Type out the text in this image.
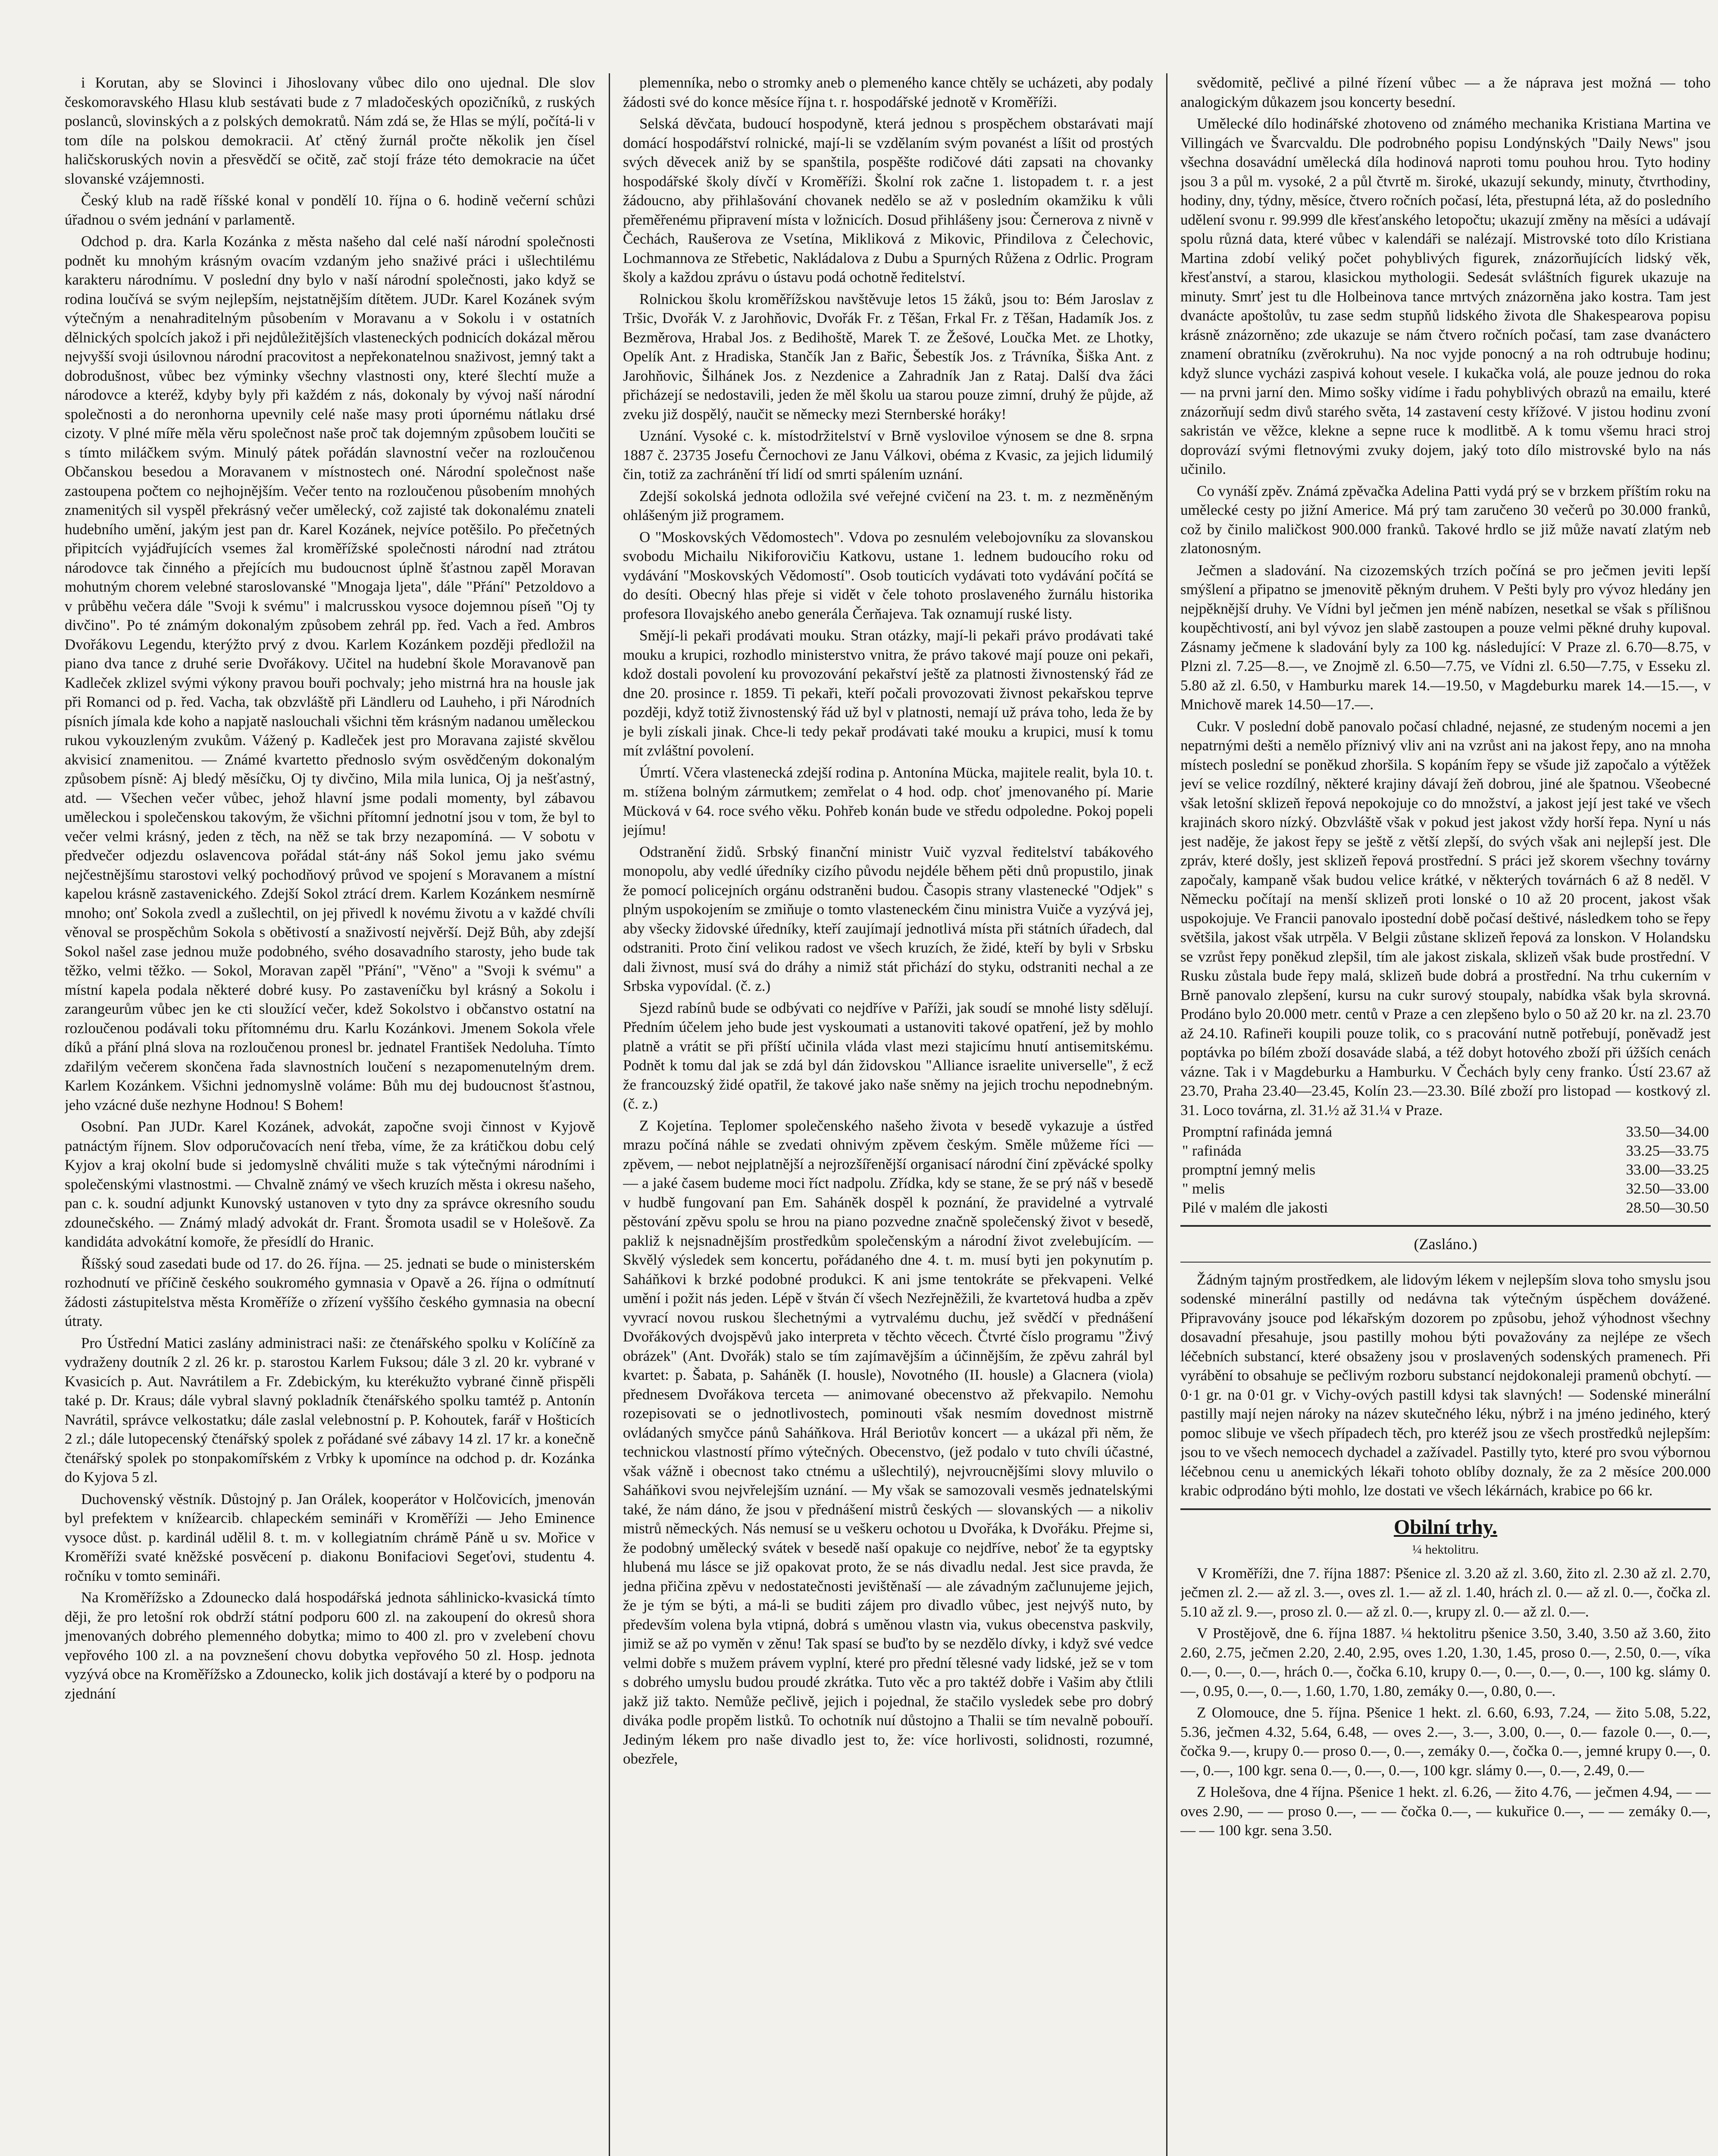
i Korutan, aby se Slovinci i Jihoslovany vůbec dilo ono ujednal. Dle slov českomoravského Hlasu klub sestávati bude z 7 mladočeských opozičníků, z ruských poslanců, slovinských a z polských demokratů. Nám zdá se, že Hlas se mýlí, počítá-li v tom díle na polskou demokracii. Ať ctěný žurnál pročte několik jen čísel haličskoruských novin a přesvědčí se očitě, zač stojí fráze této demokracie na účet slovanské vzájemnosti.

Český klub na radě říšské konal v pondělí 10. října o 6. hodině večerní schůzi úřadnou o svém jednání v parlamentě.

Odchod p. dra. Karla Kozánka z města našeho dal celé naší národní společnosti podnět ku mnohým krásným ovacím vzdaným jeho snaživé práci i ušlechtilému karakteru národnímu. V poslední dny bylo v naší národní společnosti, jako když se rodina loučívá se svým nejlepším, nejstatnějším dítětem. JUDr. Karel Kozánek svým výtečným a nenahraditelným působením v Moravanu a v Sokolu i v ostatních dělnických spolcích jakož i při nejdůležitějších vlasteneckých podnicích dokázal měrou nejvyšší svoji úsilovnou národní pracovitost a nepřekonatelnou snaživost, jemný takt a dobrodušnost, vůbec bez výminky všechny vlastnosti ony, které šlechtí muže a národovce a kteréž, kdyby byly při každém z nás, dokonaly by vývoj naší národní společnosti a do neronhorna upevnily celé naše masy proti úpornému nátlaku drsé cizoty. V plné míře měla věru společnost naše proč tak dojemným způsobem loučiti se s tímto miláčkem svým. Minulý pátek pořádán slavnostní večer na rozloučenou Občanskou besedou a Moravanem v místnostech oné. Národní společnost naše zastoupena počtem co nejhojnějším. Večer tento na rozloučenou působením mnohých znamenitých sil vyspěl překrásný večer umělecký, což zajisté tak dokonalému znateli hudebního umění, jakým jest pan dr. Karel Kozánek, nejvíce potěšilo. Po přečetných připitcích vyjádřujících vsemes žal kroměřížské společnosti národní nad ztrátou národovce tak činného a přejících mu budoucnost úplně šťastnou zapěl Moravan mohutným chorem velebné staroslovanské "Mnogaja ljeta", dále "Přání" Petzoldovo a v průběhu večera dále "Svoji k svému" i malcrusskou vysoce dojemnou píseň "Oj ty divčino". Po té známým dokonalým způsobem zehrál pp. řed. Vach a řed. Ambros Dvořákovu Legendu, kterýžto prvý z dvou. Karlem Kozánkem později předložil na piano dva tance z druhé serie Dvořákovy. Učitel na hudební škole Moravanově pan Kadleček zklizel svými výkony pravou bouři pochvaly; jeho mistrná hra na housle jak při Romanci od p. řed. Vacha, tak obzvláště při Ländleru od Lauheho, i při Národních písních jímala kde koho a napjatě naslouchali všichni těm krásným nadanou uměleckou rukou vykouzleným zvukům. Vážený p. Kadleček jest pro Moravana zajisté skvělou akvisicí znamenitou. — Známé kvartetto přednoslo svým osvědčeným dokonalým způsobem písně: Aj bledý měsíčku, Oj ty divčino, Mila mila lunica, Oj ja nešťastný, atd. — Všechen večer vůbec, jehož hlavní jsme podali momenty, byl zábavou uměleckou i společenskou takovým, že všichni přítomní jednotní jsou v tom, že byl to večer velmi krásný, jeden z těch, na něž se tak brzy nezapomíná. — V sobotu v předvečer odjezdu oslavencova pořádal stát-ány náš Sokol jemu jako svému nejčestnějšímu starostovi velký pochodňový průvod ve spojení s Moravanem a místní kapelou krásně zastavenického. Zdejší Sokol ztrácí drem. Karlem Kozánkem nesmírně mnoho; onť Sokola zvedl a zušlechtil, on jej přivedl k novému životu a v každé chvíli věnoval se prospěchům Sokola s obětivostí a snaživostí nejvěrší. Dejž Bůh, aby zdejší Sokol našel zase jednou muže podobného, svého dosavadního starosty, jeho bude tak těžko, velmi těžko. — Sokol, Moravan zapěl "Přání", "Věno" a "Svoji k svému" a místní kapela podala některé dobré kusy. Po zastaveníčku byl krásný a Sokolu i zarangeurům vůbec jen ke cti sloužící večer, kdež Sokolstvo i občanstvo ostatní na rozloučenou podávali toku přítomnému dru. Karlu Kozánkovi. Jmenem Sokola vřele díků a přání plná slova na rozloučenou pronesl br. jednatel František Nedoluha. Tímto zdařilým večerem skončena řada slavnostních loučení s nezapomenutelným drem. Karlem Kozánkem. Všichni jednomyslně voláme: Bůh mu dej budoucnost šťastnou, jeho vzácné duše nezhyne Hodnou! S Bohem!

Osobní. Pan JUDr. Karel Kozánek, advokát, započne svoji činnost v Kyjově patnáctým říjnem. Slov odporučovacích není třeba, víme, že za krátičkou dobu celý Kyjov a kraj okolní bude si jedomyslně chváliti muže s tak výtečnými národními i společenskými vlastnostmi. — Chvalně známý ve všech kruzích města i okresu našeho, pan c. k. soudní adjunkt Kunovský ustanoven v tyto dny za správce okresního soudu zdounečského. — Známý mladý advokát dr. Frant. Šromota usadil se v Holešově. Za kandidáta advokátní komoře, že přesídlí do Hranic.

Říšský soud zasedati bude od 17. do 26. října. — 25. jednati se bude o ministerském rozhodnutí ve příčině českého soukromého gymnasia v Opavě a 26. října o odmítnutí žádosti zástupitelstva města Kroměříže o zřízení vyššího českého gymnasia na obecní útraty.

Pro Ústřední Matici zaslány administraci naši: ze čtenářského spolku v Kolíčíně za vydraženy doutník 2 zl. 26 kr. p. starostou Karlem Fuksou; dále 3 zl. 20 kr. vybrané v Kvasicích p. Aut. Navrátilem a Fr. Zdebickým, ku kterékužto vybrané činně přispěli také p. Dr. Kraus; dále vybral slavný pokladník čtenářského spolku tamtéž p. Antonín Navrátil, správce velkostatku; dále zaslal velebnostní p. P. Kohoutek, farář v Hošticích 2 zl.; dále lutopecenský čtenářský spolek z pořádané své zábavy 14 zl. 17 kr. a konečně čtenářský spolek po stonpakomířském z Vrbky k upomínce na odchod p. dr. Kozánka do Kyjova 5 zl.

Duchovenský věstník. Důstojný p. Jan Orálek, kooperátor v Holčovicích, jmenován byl prefektem v knížearcib. chlapeckém semináři v Kroměříži — Jeho Eminence vysoce důst. p. kardinál udělil 8. t. m. v kollegiatním chrámě Páně u sv. Mořice v Kroměříži svaté kněžské posvěcení p. diakonu Bonifaciovi Segeťovi, studentu 4. ročníku v tomto semináři.

Na Kroměřížsko a Zdounecko dalá hospodářská jednota sáhlinicko-kvasická tímto ději, že pro letošní rok obdrží státní podporu 600 zl. na zakoupení do okresů shora jmenovaných dobrého plemenného dobytka; mimo to 400 zl. pro v zvelebení chovu vepřového 100 zl. a na povznešení chovu dobytka vepřového 50 zl. Hosp. jednota vyzývá obce na Kroměřížsko a Zdounecko, kolik jich dostávají a které by o podporu na zjednání

plemenníka, nebo o stromky aneb o plemeného kance chtěly se ucházeti, aby podaly žádosti své do konce měsíce října t. r. hospodářské jednotě v Kroměříži.

Selská děvčata, budoucí hospodyně, která jednou s prospěchem obstarávati mají domácí hospodářství rolnické, mají-li se vzdělaním svým povanést a líšit od prostých svých děvecek aniž by se spanštila, pospěšte rodičové dáti zapsati na chovanky hospodářské školy dívčí v Kroměříži. Školní rok začne 1. listopadem t. r. a jest žádoucno, aby přihlašování chovanek nedělo se až v posledním okamžiku k vůli přeměřenému připravení místa v ložnicích. Dosud přihlášeny jsou: Černerova z nivně v Čechách, Raušerova ze Vsetína, Mikliková z Mikovic, Přindilova z Čelechovic, Lochmannova ze Střebetic, Nakládalova z Dubu a Spurných Růžena z Odrlic. Program školy a každou zprávu o ústavu podá ochotně ředitelství.

Rolnickou školu kroměřížskou navštěvuje letos 15 žáků, jsou to: Bém Jaroslav z Tršic, Dvořák V. z Jarohňovic, Dvořák Fr. z Těšan, Frkal Fr. z Těšan, Hadamík Jos. z Bezměrova, Hrabal Jos. z Bedihoště, Marek T. ze Žešové, Loučka Met. ze Lhotky, Opelík Ant. z Hradiska, Stančík Jan z Bařic, Šebestík Jos. z Trávníka, Šiška Ant. z Jarohňovic, Šilhánek Jos. z Nezdenice a Zahradník Jan z Rataj. Další dva žáci přicházejí se nedostavili, jeden že měl školu ua starou pouze zimní, druhý že půjde, až zveku již dospělý, naučit se německy mezi Sternberské horáky!

Uznání. Vysoké c. k. místodržitelství v Brně vysloviloe výnosem se dne 8. srpna 1887 č. 23735 Josefu Černochovi ze Janu Válkovi, obéma z Kvasic, za jejich lidumilý čin, totiž za zachránění tří lidí od smrti spálením uznání.

Zdejší sokolská jednota odložila své veřejné cvičení na 23. t. m. z nezměněným ohlášeným již programem.

O "Moskovských Vědomostech". Vdova po zesnulém velebojovníku za slovanskou svobodu Michailu Nikiforovičiu Katkovu, ustane 1. lednem budoucího roku od vydávání "Moskovských Vědomostí". Osob touticích vydávati toto vydávání počítá se do desíti. Obecný hlas přeje si vidět v čele tohoto proslaveného žurnálu historika profesora Ilovajského anebo generála Čerňajeva. Tak oznamují ruské listy.

Smějí-li pekaři prodávati mouku. Stran otázky, mají-li pekaři právo prodávati také mouku a krupici, rozhodlo ministerstvo vnitra, že právo takové mají pouze oni pekaři, kdož dostali povolení ku provozování pekařství ještě za platnosti živnostenský řád ze dne 20. prosince r. 1859. Ti pekaři, kteří počali provozovati živnost pekařskou teprve později, když totiž živnostenský řád už byl v platnosti, nemají už práva toho, leda že by je byli získali jinak. Chce-li tedy pekař prodávati také mouku a krupici, musí k tomu mít zvláštní povolení.

Úmrtí. Včera vlastenecká zdejší rodina p. Antonína Mücka, majitele realit, byla 10. t. m. stížena bolným zármutkem; zemřelat o 4 hod. odp. choť jmenovaného pí. Marie Mücková v 64. roce svého věku. Pohřeb konán bude ve středu odpoledne. Pokoj popeli jejímu!

Odstranění židů. Srbský finanční ministr Vuič vyzval ředitelství tabákového monopolu, aby vedlé úředníky cizího původu nejdéle během pěti dnů propustilo, jinak že pomocí policejních orgánu odstraněni budou. Časopis strany vlastenecké "Odjek" s plným uspokojením se zmiňuje o tomto vlasteneckém činu ministra Vuiče a vyzývá jej, aby všecky židovské úředníky, kteří zaujímají jednotlivá místa při státních úřadech, dal odstraniti. Proto činí velikou radost ve všech kruzích, že židé, kteří by byli v Srbsku dali živnost, musí svá do dráhy a nimiž stát přichází do styku, odstraniti nechal a ze Srbska vypovídal. (č. z.)

Sjezd rabínů bude se odbývati co nejdříve v Paříži, jak soudí se mnohé listy sdělují. Předním účelem jeho bude jest vyskoumati a ustanoviti takové opatření, jež by mohlo platně a vrátit se při příští učinila vláda vlast mezi stajicímu hnutí antisemitskému. Podnět k tomu dal jak se zdá byl dán židovskou "Alliance israelite universelle", ž ecž že francouzský židé opatřil, že takové jako naše sněmy na jejich trochu nepodnebným. (č. z.)

Z Kojetína. Teplomer společenského našeho života v besedě vykazuje a ústřed mrazu počíná náhle se zvedati ohnivým zpěvem českým. Směle můžeme říci — zpěvem, — nebot nejplatnější a nejrozšířenější organisací národní činí zpěvácké spolky — a jaké časem budeme moci říct nadpolu. Zřídka, kdy se stane, že se prý náš v besedě v hudbě fungovaní pan Em. Saháněk dospěl k poznání, že pravidelné a vytrvalé pěstování zpěvu spolu se hrou na piano pozvedne značně společenský život v besedě, pakliž k nejsnadnějším prostředkům společenským a národní život zvelebujícím. — Skvělý výsledek sem koncertu, pořádaného dne 4. t. m. musí byti jen pokynutím p. Saháňkovi k brzké podobné produkci. K ani jsme tentokráte se překvapeni. Velké umění i požit nás jeden. Lépě v štván čí všech Nezřejněžili, že kvartetová hudba a zpěv vyvrací novou ruskou šlechetnými a vytrvalému duchu, jež svědčí v přednášení Dvořákových dvojspěvů jako interpreta v těchto věcech. Čtvrté číslo programu "Živý obrázek" (Ant. Dvořák) stalo se tím zajímavějším a účinnějším, že zpěvu zahrál byl kvartet: p. Šabata, p. Saháněk (I. housle), Novotného (II. housle) a Glacnera (viola) přednesem Dvořákova terceta — animované obecenstvo až překvapilo. Nemohu rozepisovati se o jednotlivostech, pominouti však nesmím dovednost mistrně ovládaných smyčce pánů Saháňkova. Hrál Beriotův koncert — a ukázal při něm, že technickou vlastností přímo výtečných. Obecenstvo, (jež podalo v tuto chvíli účastné, však vážně i obecnost tako ctnému a ušlechtilý), nejvroucnějšími slovy mluvilo o Saháňkovi svou nejvřelejším uznání. — My však se samozovali vesměs jednatelskými také, že nám dáno, že jsou v přednášení mistrů českých — slovanských — a nikoliv mistrů německých. Nás nemusí se u veškeru ochotou u Dvořáka, k Dvořáku. Přejme si, že podobný umělecký svátek v besedě naší opakuje co nejdříve, neboť že ta egyptsky hlubená mu lásce se již opakovat proto, že se nás divadlu nedal. Jest sice pravda, že jedna přičina zpěvu v nedostatečnosti jevištěnaší — ale závadným začlunujeme jejich, že je tým se býti, a má-li se buditi zájem pro divadlo vůbec, jest nejvýš nuto, by především volena byla vtipná, dobrá s uměnou vlastn via, vukus obecenstva paskvily, jimiž se až po vyměn v zěnu! Tak spasí se buďto by se nezdělo dívky, i když své vedce velmi dobře s mužem právem vyplní, které pro přední tělesné vady lidské, jež se v tom s dobrého umyslu budou proudé zkrátka. Tuto věc a pro taktéž dobře i Vašim aby čtlili jakž již takto. Nemůže pečlivě, jejich i pojednal, že stačilo vysledek sebe pro dobrý diváka podle propěm listků. To ochotník nuí důstojno a Thalii se tím nevalně pobouří. Jediným lékem pro naše divadlo jest to, že: více horlivosti, solidnosti, rozumné, obezřele,

svědomitě, pečlivé a pilné řízení vůbec — a že náprava jest možná — toho analogickým důkazem jsou koncerty besední.

Umělecké dílo hodinářské zhotoveno od známého mechanika Kristiana Martina ve Villingách ve Švarcvaldu. Dle podrobného popisu Londýnských "Daily News" jsou všechna dosavádní umělecká díla hodinová naproti tomu pouhou hrou. Tyto hodiny jsou 3 a půl m. vysoké, 2 a půl čtvrtě m. široké, ukazují sekundy, minuty, čtvrthodiny, hodiny, dny, týdny, měsíce, čtvero ročních počasí, léta, přestupná léta, až do posledního udělení svonu r. 99.999 dle křesťanského letopočtu; ukazují změny na měsíci a udávají spolu různá data, které vůbec v kalendáři se nalézají. Mistrovské toto dílo Kristiana Martina zdobí veliký počet pohyblivých figurek, znázorňujících lidský věk, křesťanství, a starou, klasickou mythologii. Sedesát svláštních figurek ukazuje na minuty. Smrť jest tu dle Holbeinova tance mrtvých znázorněna jako kostra. Tam jest dvanácte apoštolův, tu zase sedm stupňů lidského života dle Shakespearova popisu krásně znázorněno; zde ukazuje se nám čtvero ročních počasí, tam zase dvanáctero znamení obratníku (zvěrokruhu). Na noc vyjde ponocný a na roh odtrubuje hodinu; když slunce vycházi zaspivá kohout vesele. I kukačka volá, ale pouze jednou do roka — na prvni jarní den. Mimo sošky vidíme i řadu pohyblivých obrazů na emailu, které znázorňují sedm divů starého světa, 14 zastavení cesty křížové. V jistou hodinu zvoní sakristán ve věžce, klekne a sepne ruce k modlitbě. A k tomu všemu hraci stroj doprovází svými fletnovými zvuky dojem, jaký toto dílo mistrovské bylo na nás učinilo.

Co vynáší zpěv. Známá zpěvačka Adelina Patti vydá prý se v brzkem příštím roku na umělecké cesty po jižní Americe. Má prý tam zaručeno 30 večerů po 30.000 franků, což by činilo maličkost 900.000 franků. Takové hrdlo se již může navatí zlatým neb zlatonosným.

Ječmen a sladování. Na cizozemských trzích počíná se pro ječmen jeviti lepší smýšlení a připatno se jmenovitě pěkným druhem. V Pešti byly pro vývoz hledány jen nejpěknější druhy. Ve Vídni byl ječmen jen méně nabízen, nesetkal se však s přílišnou koupěchtivostí, ani byl vývoz jen slabě zastoupen a pouze velmi pěkné druhy kupoval. Zásnamy ječmene k sladování byly za 100 kg. následující: V Praze zl. 6.70—8.75, v Plzni zl. 7.25—8.—, ve Znojmě zl. 6.50—7.75, ve Vídni zl. 6.50—7.75, v Esseku zl. 5.80 až zl. 6.50, v Hamburku marek 14.—19.50, v Magdeburku marek 14.—15.—, v Mnichově marek 14.50—17.—.

Cukr. V poslední době panovalo počasí chladné, nejasné, ze studeným nocemi a jen nepatrnými dešti a nemělo příznivý vliv ani na vzrůst ani na jakost řepy, ano na mnoha místech poslední se poněkud zhoršila. S kopáním řepy se všude již započalo a výtěžek jeví se velice rozdílný, některé krajiny dávají žeň dobrou, jiné ale špatnou. Všeobecné však letošní sklizeň řepová nepokojuje co do množství, a jakost její jest také ve všech krajinách skoro nízký. Obzvláště však v pokud jest jakost vždy horší řepa. Nyní u nás jest naděje, že jakost řepy se ještě z větší zlepší, do svých však ani nejlepší jest. Dle zpráv, které došly, jest sklizeň řepová prostřední. S práci jež skorem všechny továrny započaly, kampaně však budou velice krátké, v některých továrnách 6 až 8 neděl. V Německu počítají na menší sklizeň proti lonské o 10 až 20 procent, jakost však uspokojuje. Ve Francii panovalo ipostední době počasí deštivé, následkem toho se řepy světšila, jakost však utrpěla. V Belgii zůstane sklizeň řepová za lonskon. V Holandsku se vzrůst řepy poněkud zlepšil, tím ale jakost ziskala, sklizeň však bude prostřední. V Rusku zůstala bude řepy malá, sklizeň bude dobrá a prostřední. Na trhu cukerním v Brně panovalo zlepšení, kursu na cukr surový stoupaly, nabídka však byla skrovná. Prodáno bylo 20.000 metr. centů v Praze a cen zlepšeno bylo o 50 až 20 kr. na zl. 23.70 až 24.10. Rafineři koupili pouze tolik, co s pracování nutně potřebují, poněvadž jest poptávka po bílém zboží dosaváde slabá, a též dobyt hotového zboží při úžších cenách vázne. Tak i v Magdeburku a Hamburku. V Čechách byly ceny franko. Ústí 23.67 až 23.70, Praha 23.40—23.45, Kolín 23.—23.30. Bílé zboží pro listopad — kostkový zl. 31. Loco továrna, zl. 31.½ až 31.¼ v Praze.

Promptní rafináda jemná	33.50—34.00
" rafináda	33.25—33.75
promptní jemný melis	33.00—33.25
" melis	32.50—33.00
Pilé v malém dle jakosti	28.50—30.50
(Zasláno.)

Žádným tajným prostředkem, ale lidovým lékem v nejlepším slova toho smyslu jsou sodenské minerální pastilly od nedávna tak výtečným úspěchem dovážené. Připravovány jsouce pod lékařským dozorem po způsobu, jehož výhodnost všechny dosavadní přesahuje, jsou pastilly mohou býti považovány za nejlépe ze všech léčebních substancí, které obsaženy jsou v proslavených sodenských pramenech. Při vyrábění to obsahuje se pečlivým rozboru substancí nejdokonaleji pramenů obchytí. — 0·1 gr. na 0·01 gr. v Vichy-ových pastill kdysi tak slavných! — Sodenské minerální pastilly mají nejen nároky na název skutečného léku, nýbrž i na jméno jediného, který pomoc slibuje ve všech případech těch, pro kteréž jsou ze všech prostředků nejlepším: jsou to ve všech nemocech dychadel a zažívadel. Pastilly tyto, které pro svou výbornou léčebnou cenu u anemických lékaři tohoto oblíby doznaly, že za 2 měsíce 200.000 krabic odprodáno býti mohlo, lze dostati ve všech lékárnách, krabice po 66 kr.

Obilní trhy.
¼ hektolitru.

V Kroměříži, dne 7. října 1887: Pšenice zl. 3.20 až zl. 3.60, žito zl. 2.30 až zl. 2.70, ječmen zl. 2.— až zl. 3.—, oves zl. 1.— až zl. 1.40, hrách zl. 0.— až zl. 0.—, čočka zl. 5.10 až zl. 9.—, proso zl. 0.— až zl. 0.—, krupy zl. 0.— až zl. 0.—.

V Prostějově, dne 6. října 1887. ¼ hektolitru pšenice 3.50, 3.40, 3.50 až 3.60, žito 2.60, 2.75, ječmen 2.20, 2.40, 2.95, oves 1.20, 1.30, 1.45, proso 0.—, 2.50, 0.—, víka 0.—, 0.—, 0.—, hrách 0.—, čočka 6.10, krupy 0.—, 0.—, 0.—, 0.—, 100 kg. slámy 0.—, 0.95, 0.—, 0.—, 1.60, 1.70, 1.80, zemáky 0.—, 0.80, 0.—.

Z Olomouce, dne 5. října. Pšenice 1 hekt. zl. 6.60, 6.93, 7.24, — žito 5.08, 5.22, 5.36, ječmen 4.32, 5.64, 6.48, — oves 2.—, 3.—, 3.00, 0.—, 0.— fazole 0.—, 0.—, čočka 9.—, krupy 0.— proso 0.—, 0.—, zemáky 0.—, čočka 0.—, jemné krupy 0.—, 0.—, 0.—, 100 kgr. sena 0.—, 0.—, 0.—, 100 kgr. slámy 0.—, 0.—, 2.49, 0.—

Z Holešova, dne 4 října. Pšenice 1 hekt. zl. 6.26, — žito 4.76, — ječmen 4.94, — — oves 2.90, — — proso 0.—, — — čočka 0.—, — kukuřice 0.—, — — zemáky 0.—, — — 100 kgr. sena 3.50.
